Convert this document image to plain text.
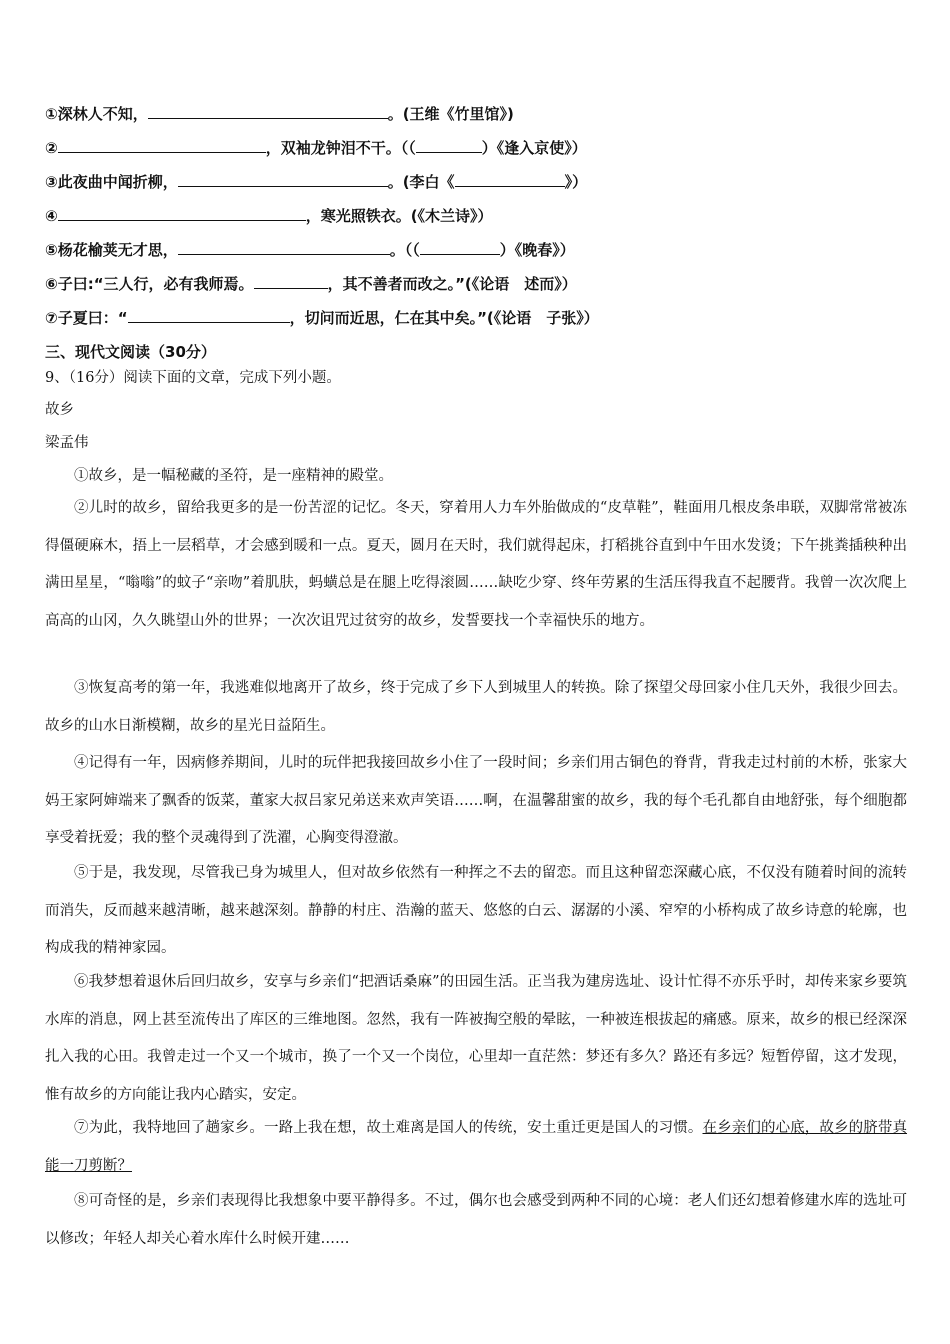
①深林人不知，	。(王维《竹里馆》)
②	，双袖龙钟泪不干。（（	）《逢入京使》）
③此夜曲中闻折柳，	。(李白《	》）
④	，寒光照铁衣。(《木兰诗》）
⑤杨花榆荚无才思，	。（（	）《晚春》）
⑥子曰:“三人行，必有我师焉。	，其不善者而改之。”(《论语　述而》）
⑦子夏曰：“	，切问而近思，仁在其中矣。”(《论语　子张》）
三、现代文阅读（30分）
9、（16分）阅读下面的文章，完成下列小题。
故乡
梁孟伟
①故乡，是一幅秘藏的圣符，是一座精神的殿堂。
②儿时的故乡，留给我更多的是一份苦涩的记忆。冬天，穿着用人力车外胎做成的“皮草鞋”，鞋面用几根皮条串联，双脚常常被冻得僵硬麻木，捂上一层稻草，才会感到暖和一点。夏天，圆月在天时，我们就得起床，打稻挑谷直到中午田水发烫；下午挑粪插秧种出满田星星，“嗡嗡”的蚊子“亲吻”着肌肤，蚂蟥总是在腿上吃得滚圆……缺吃少穿、终年劳累的生活压得我直不起腰背。我曾一次次爬上高高的山冈，久久眺望山外的世界；一次次诅咒过贫穷的故乡，发誓要找一个幸福快乐的地方。
③恢复高考的第一年，我逃难似地离开了故乡，终于完成了乡下人到城里人的转换。除了探望父母回家小住几天外，我很少回去。故乡的山水日渐模糊，故乡的星光日益陌生。
④记得有一年，因病修养期间，儿时的玩伴把我接回故乡小住了一段时间；乡亲们用古铜色的脊背，背我走过村前的木桥，张家大妈王家阿婶端来了飘香的饭菜，董家大叔吕家兄弟送来欢声笑语……啊，在温馨甜蜜的故乡，我的每个毛孔都自由地舒张，每个细胞都享受着抚爱；我的整个灵魂得到了洗濯，心胸变得澄澈。
⑤于是，我发现，尽管我已身为城里人，但对故乡依然有一种挥之不去的留恋。而且这种留恋深藏心底，不仅没有随着时间的流转而消失，反而越来越清晰，越来越深刻。静静的村庄、浩瀚的蓝天、悠悠的白云、潺潺的小溪、窄窄的小桥构成了故乡诗意的轮廓，也构成我的精神家园。
⑥我梦想着退休后回归故乡，安享与乡亲们“把酒话桑麻”的田园生活。正当我为建房选址、设计忙得不亦乐乎时，却传来家乡要筑水库的消息，网上甚至流传出了库区的三维地图。忽然，我有一阵被掏空般的晕眩，一种被连根拔起的痛感。原来，故乡的根已经深深扎入我的心田。我曾走过一个又一个城市，换了一个又一个岗位，心里却一直茫然：梦还有多久？路还有多远？短暂停留，这才发现，惟有故乡的方向能让我内心踏实，安定。
⑦为此，我特地回了趟家乡。一路上我在想，故土难离是国人的传统，安土重迁更是国人的习惯。在乡亲们的心底，故乡的脐带真能一刀剪断？
⑧可奇怪的是，乡亲们表现得比我想象中要平静得多。不过，偶尔也会感受到两种不同的心境：老人们还幻想着修建水库的选址可以修改；年轻人却关心着水库什么时候开建……
